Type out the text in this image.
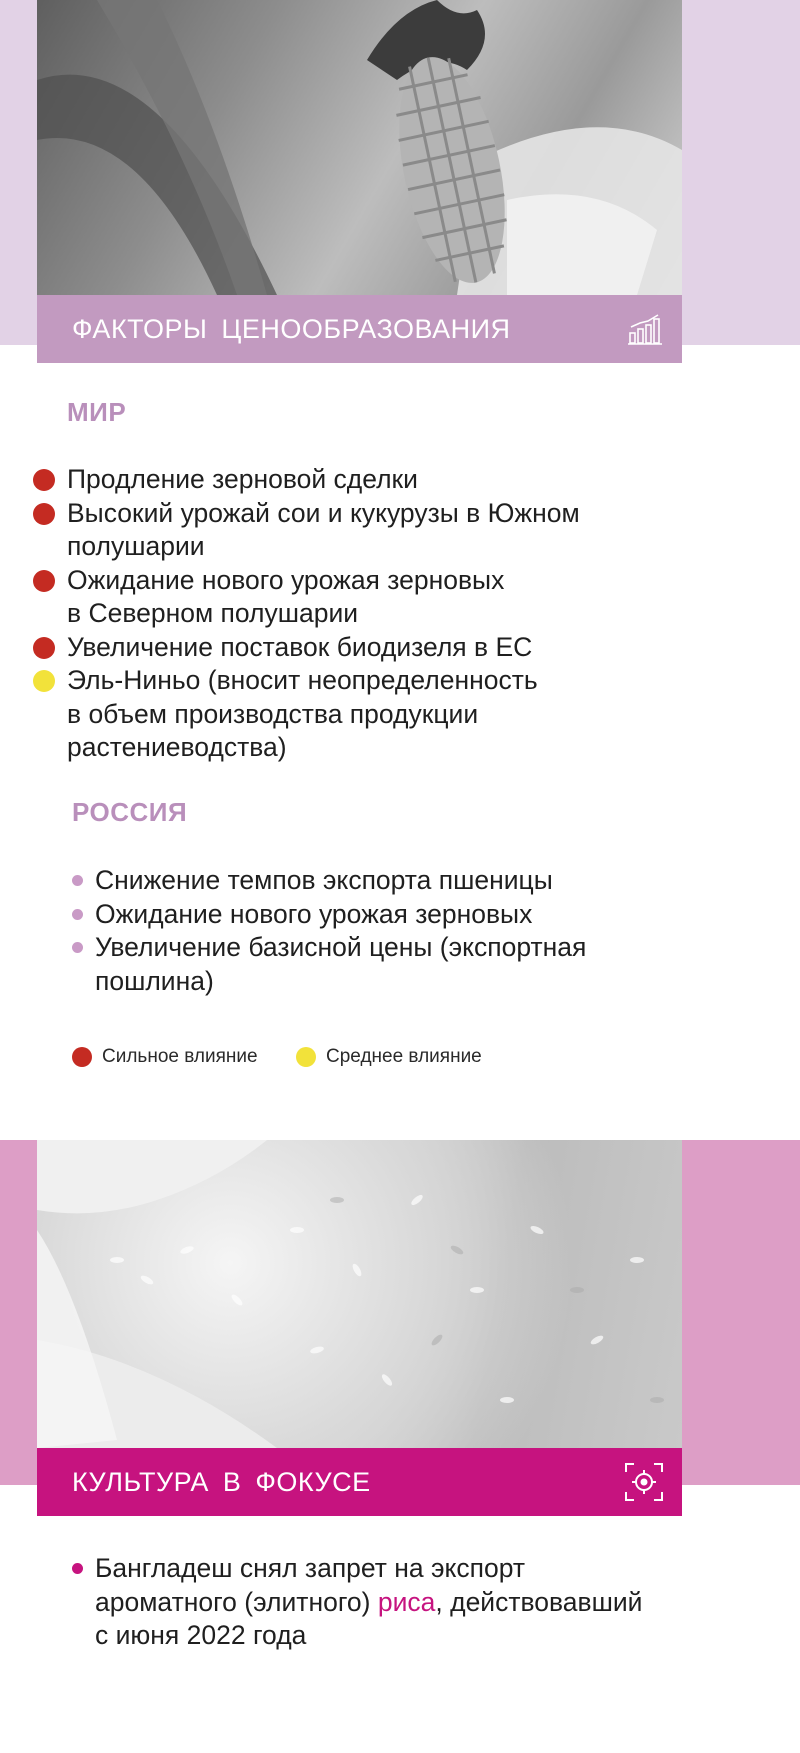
ФАКТОРЫ ЦЕНООБРАЗОВАНИЯ
МИР
Продление зерновой сделки
Высокий урожай сои и кукурузы в Южном
полушарии
Ожидание нового урожая зерновых
в Северном полушарии
Увеличение поставок биодизеля в ЕС
Эль-Ниньо (вносит неопределенность
в объем производства продукции
растениеводства)
РОССИЯ
Снижение темпов экспорта пшеницы
Ожидание нового урожая зерновых
Увеличение базисной цены (экспортная
пошлина)
Сильное влияние	Среднее влияние
КУЛЬТУРА В ФОКУСЕ
Бангладеш снял запрет на экспорт
ароматного (элитного) риса, действовавший
с июня 2022 года
